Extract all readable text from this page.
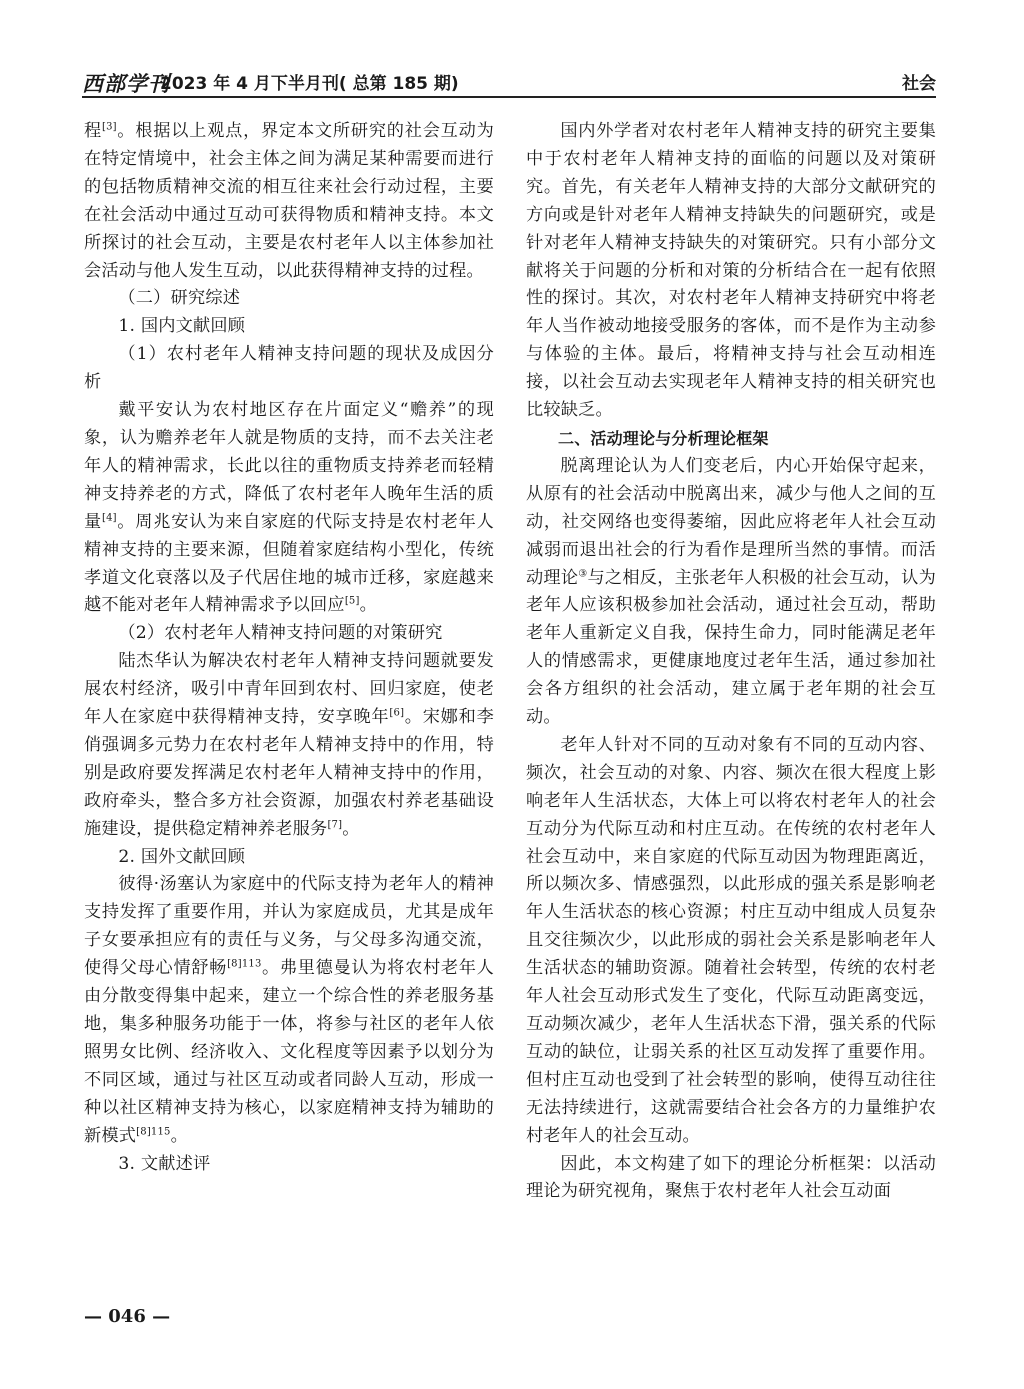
西部学刊
2023 年 4 月下半月刊( 总第 185 期)	社会

程[3]。根据以上观点，界定本文所研究的社会互动为在特定情境中，社会主体之间为满足某种需要而进行的包括物质精神交流的相互往来社会行动过程，主要在社会活动中通过互动可获得物质和精神支持。本文所探讨的社会互动，主要是农村老年人以主体参加社会活动与他人发生互动，以此获得精神支持的过程。

（二）研究综述

1. 国内文献回顾

（1）农村老年人精神支持问题的现状及成因分析

戴平安认为农村地区存在片面定义“赡养”的现象，认为赡养老年人就是物质的支持，而不去关注老年人的精神需求，长此以往的重物质支持养老而轻精神支持养老的方式，降低了农村老年人晚年生活的质量[4]。周兆安认为来自家庭的代际支持是农村老年人精神支持的主要来源，但随着家庭结构小型化，传统孝道文化衰落以及子代居住地的城市迁移，家庭越来越不能对老年人精神需求予以回应[5]。

（2）农村老年人精神支持问题的对策研究

陆杰华认为解决农村老年人精神支持问题就要发展农村经济，吸引中青年回到农村、回归家庭，使老年人在家庭中获得精神支持，安享晚年[6]。宋娜和李俏强调多元势力在农村老年人精神支持中的作用，特别是政府要发挥满足农村老年人精神支持中的作用，政府牵头，整合多方社会资源，加强农村养老基础设施建设，提供稳定精神养老服务[7]。

2. 国外文献回顾

彼得·汤塞认为家庭中的代际支持为老年人的精神支持发挥了重要作用，并认为家庭成员，尤其是成年子女要承担应有的责任与义务，与父母多沟通交流，使得父母心情舒畅$^{[8]113}$。弗里德曼认为将农村老年人由分散变得集中起来，建立一个综合性的养老服务基地，集多种服务功能于一体，将参与社区的老年人依照男女比例、经济收入、文化程度等因素予以划分为不同区域，通过与社区互动或者同龄人互动，形成一种以社区精神支持为核心，以家庭精神支持为辅助的新模式$^{[8]115}$。

3. 文献述评

国内外学者对农村老年人精神支持的研究主要集中于农村老年人精神支持的面临的问题以及对策研究。首先，有关老年人精神支持的大部分文献研究的方向或是针对老年人精神支持缺失的问题研究，或是针对老年人精神支持缺失的对策研究。只有小部分文献将关于问题的分析和对策的分析结合在一起有依照性的探讨。其次，对农村老年人精神支持研究中将老年人当作被动地接受服务的客体，而不是作为主动参与体验的主体。最后，将精神支持与社会互动相连接，以社会互动去实现老年人精神支持的相关研究也比较缺乏。

二、活动理论与分析理论框架

脱离理论认为人们变老后，内心开始保守起来，从原有的社会活动中脱离出来，减少与他人之间的互动，社交网络也变得萎缩，因此应将老年人社会互动减弱而退出社会的行为看作是理所当然的事情。而活动理论③与之相反，主张老年人积极的社会互动，认为老年人应该积极参加社会活动，通过社会互动，帮助老年人重新定义自我，保持生命力，同时能满足老年人的情感需求，更健康地度过老年生活，通过参加社会各方组织的社会活动，建立属于老年期的社会互动。

老年人针对不同的互动对象有不同的互动内容、频次，社会互动的对象、内容、频次在很大程度上影响老年人生活状态，大体上可以将农村老年人的社会互动分为代际互动和村庄互动。在传统的农村老年人社会互动中，来自家庭的代际互动因为物理距离近，所以频次多、情感强烈，以此形成的强关系是影响老年人生活状态的核心资源；村庄互动中组成人员复杂且交往频次少，以此形成的弱社会关系是影响老年人生活状态的辅助资源。随着社会转型，传统的农村老年人社会互动形式发生了变化，代际互动距离变远，互动频次减少，老年人生活状态下滑，强关系的代际互动的缺位，让弱关系的社区互动发挥了重要作用。但村庄互动也受到了社会转型的影响，使得互动往往无法持续进行，这就需要结合社会各方的力量维护农村老年人的社会互动。

因此，本文构建了如下的理论分析框架：以活动理论为研究视角，聚焦于农村老年人社会互动面

— 046 —
